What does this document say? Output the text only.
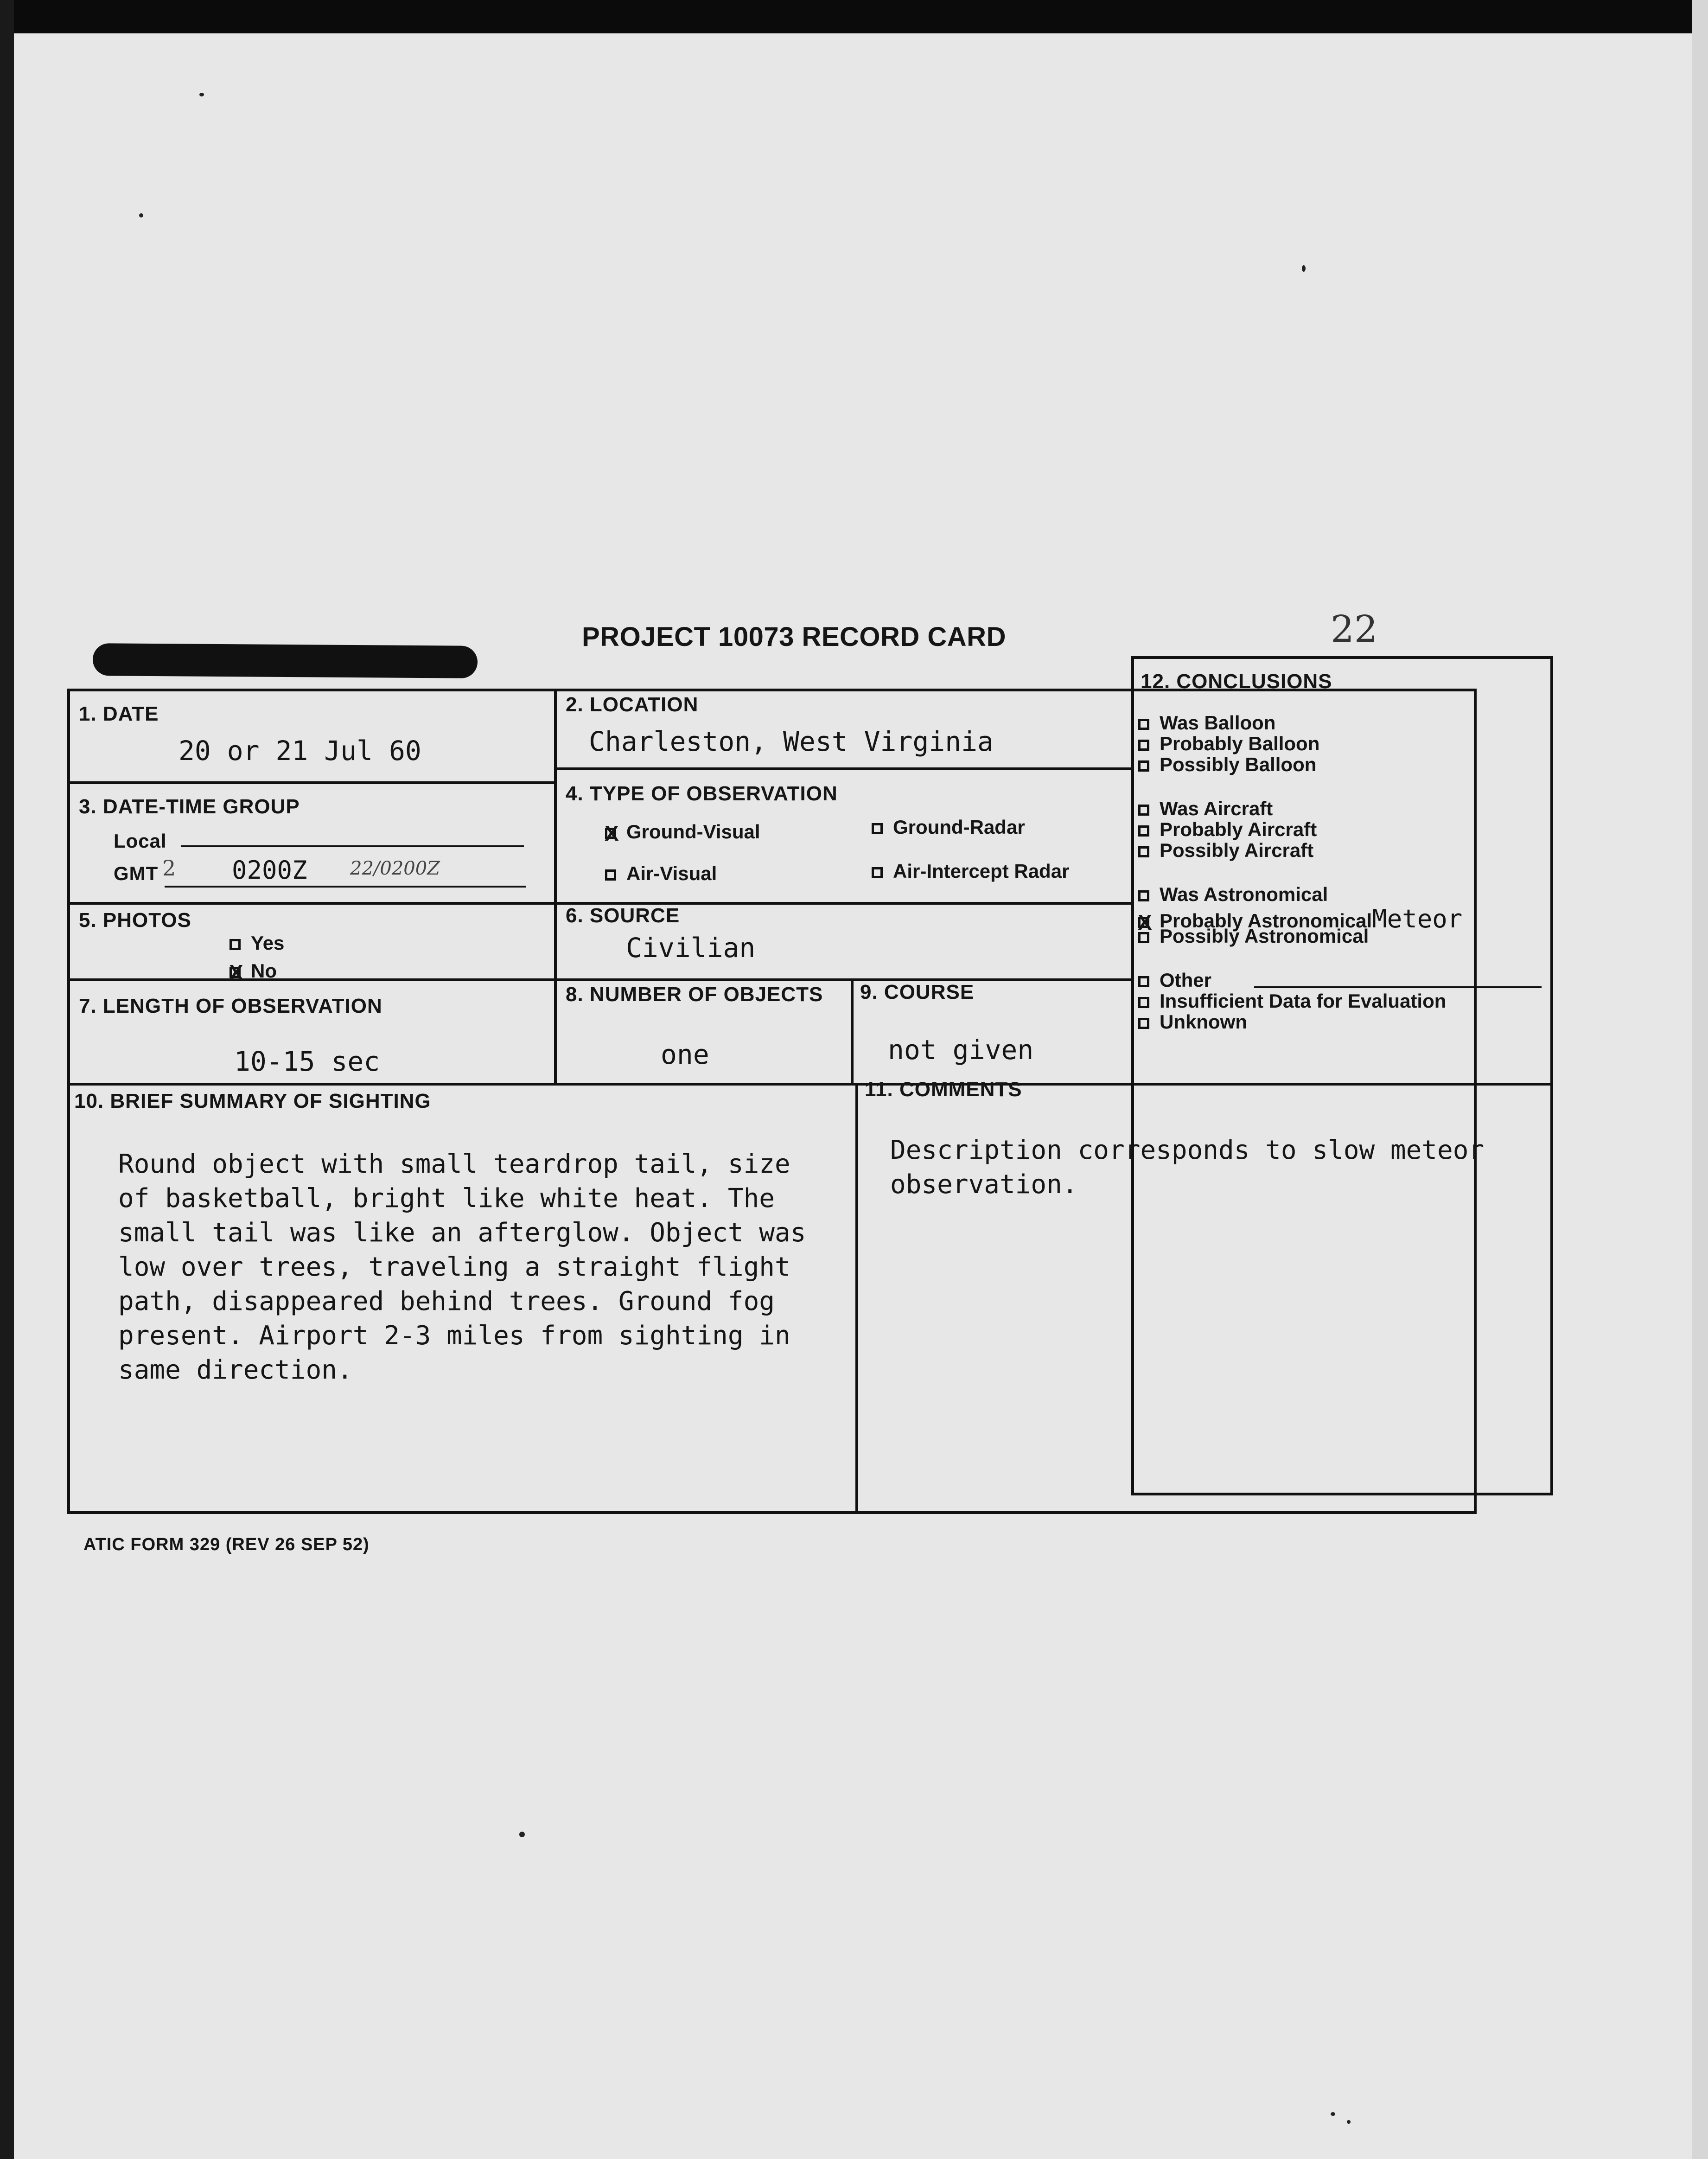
PROJECT 10073 RECORD CARD	22
1. DATE
20 or 21 Jul 60
2. LOCATION
Charleston, West Virginia
3. DATE-TIME GROUP
Local
GMT 2 0200Z 22/0200Z
4. TYPE OF OBSERVATION
XGround-Visual	Ground-Radar
Air-Visual	Air-Intercept Radar
5. PHOTOS
Yes
XNo
6. SOURCE
Civilian
7. LENGTH OF OBSERVATION
10-15 sec
8. NUMBER OF OBJECTS
one
9. COURSE
not given
10. BRIEF SUMMARY OF SIGHTING

Round object with small teardrop tail, size
of basketball, bright like white heat. The
small tail was like an afterglow. Object was
low over trees, traveling a straight flight
path, disappeared behind trees. Ground fog
present. Airport 2-3 miles from sighting in
same direction.

11. COMMENTS

Description corresponds to slow meteor
observation.

12. CONCLUSIONS
Was Balloon
Probably Balloon
Possibly Balloon
Was Aircraft
Probably Aircraft
Possibly Aircraft
Was Astronomical
XProbably AstronomicalMeteor
Possibly Astronomical
Other
Insufficient Data for Evaluation
Unknown
ATIC FORM 329 (REV 26 SEP 52)
